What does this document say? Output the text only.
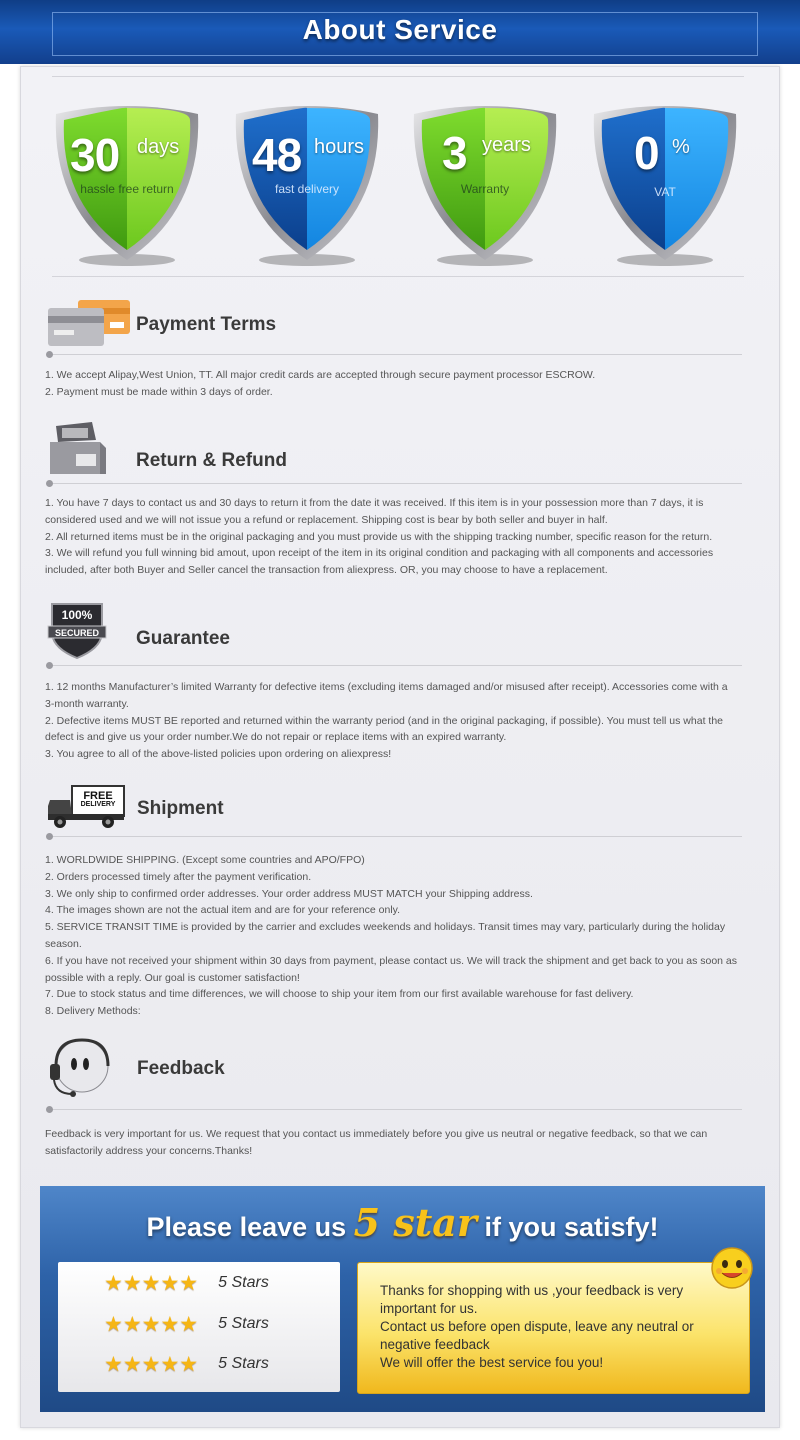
About Service
30 days
hassle free return
48 hours
fast delivery
3 years
Warranty
0 %
VAT
Payment Terms

1. We accept Alipay,West Union, TT. All major credit cards are accepted through secure payment processor ESCROW.

2. Payment must be made within 3 days of order.

Return & Refund

1. You have 7 days to contact us and 30 days to return it from the date it was received. If this item is in your possession more than 7 days, it is

considered used and we will not issue you a refund or replacement. Shipping cost is bear by both seller and buyer in half.

2. All returned items must be in the original packaging and you must provide us with the shipping tracking number, specific reason for the return.

3. We will refund you full winning bid amout, upon receipt of the item in its original condition and packaging with all components and accessories

included, after both Buyer and Seller cancel the transaction from aliexpress. OR, you may choose to have a replacement.

100%
SECURED	Guarantee

1. 12 months Manufacturer’s limited Warranty for defective items (excluding items damaged and/or misused after receipt). Accessories come with a

3-month warranty.

2. Defective items MUST BE reported and returned within the warranty period (and in the original packaging, if possible). You must tell us what the

defect is and give us your order number.We do not repair or replace items with an expired warranty.

3. You agree to all of the above-listed policies upon ordering on aliexpress!

FREE
DELIVERY	Shipment

1. WORLDWIDE SHIPPING. (Except some countries and APO/FPO)

2. Orders processed timely after the payment verification.

3. We only ship to confirmed order addresses. Your order address MUST MATCH your Shipping address.

4. The images shown are not the actual item and are for your reference only.

5. SERVICE TRANSIT TIME is provided by the carrier and excludes weekends and holidays. Transit times may vary, particularly during the holiday

season.

6. If you have not received your shipment within 30 days from payment, please contact us. We will track the shipment and get back to you as soon as

possible with a reply. Our goal is customer satisfaction!

7. Due to stock status and time differences, we will choose to ship your item from our first available warehouse for fast delivery.

8. Delivery Methods:

Feedback

Feedback is very important for us. We request that you contact us immediately before you give us neutral or negative feedback, so that we can

satisfactorily address your concerns.Thanks!

Please leave us 5 star if you satisfy!
★★★★★ 5 Stars
★★★★★ 5 Stars
★★★★★ 5 Stars
Thanks for shopping with us ,your feedback is very
important for us.
Contact us before open dispute, leave any neutral or
negative feedback
We will offer the best service fou you!
